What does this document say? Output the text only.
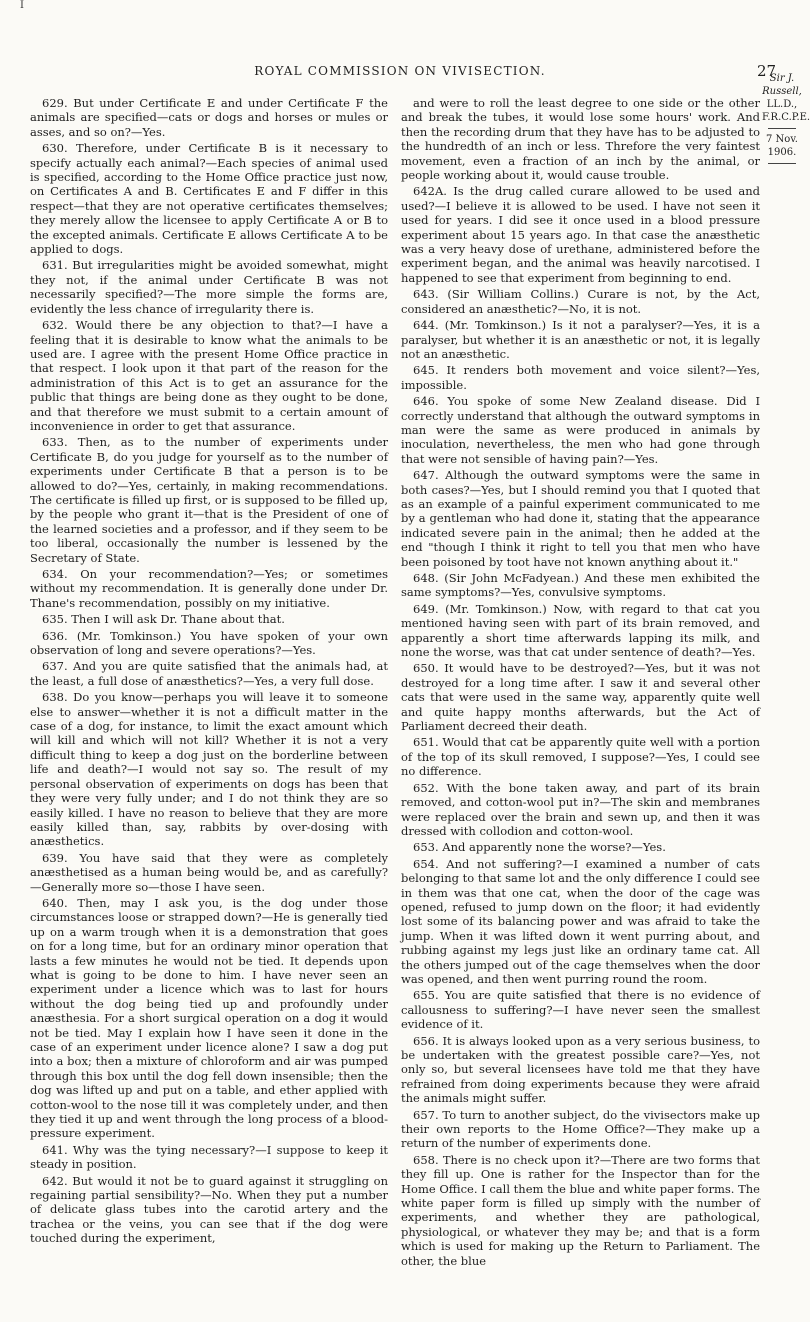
I
ROYAL COMMISSION ON VIVISECTION.	27
Sir J. Russell,
LL.D.,
F.R.C.P.E.
7 Nov. 1906.

629. But under Certificate E and under Certificate F the animals are specified—cats or dogs and horses or mules or asses, and so on?—Yes.

630. Therefore, under Certificate B is it necessary to specify actually each animal?—Each species of animal used is specified, according to the Home Office practice just now, on Certificates A and B. Certificates E and F differ in this respect—that they are not operative certificates themselves; they merely allow the licensee to apply Certificate A or B to the excepted animals. Certificate E allows Certificate A to be applied to dogs.

631. But irregularities might be avoided somewhat, might they not, if the animal under Certificate B was not necessarily specified?—The more simple the forms are, evidently the less chance of irregularity there is.

632. Would there be any objection to that?—I have a feeling that it is desirable to know what the animals to be used are. I agree with the present Home Office practice in that respect. I look upon it that part of the reason for the administration of this Act is to get an assurance for the public that things are being done as they ought to be done, and that therefore we must submit to a certain amount of inconvenience in order to get that assurance.

633. Then, as to the number of experiments under Certificate B, do you judge for yourself as to the number of experiments under Certificate B that a person is to be allowed to do?—Yes, certainly, in making recommendations. The certificate is filled up first, or is supposed to be filled up, by the people who grant it—that is the President of one of the learned societies and a professor, and if they seem to be too liberal, occasionally the number is lessened by the Secretary of State.

634. On your recommendation?—Yes; or sometimes without my recommendation. It is generally done under Dr. Thane's recommendation, possibly on my initiative.

635. Then I will ask Dr. Thane about that.

636. (Mr. Tomkinson.) You have spoken of your own observation of long and severe operations?—Yes.

637. And you are quite satisfied that the animals had, at the least, a full dose of anæsthetics?—Yes, a very full dose.

638. Do you know—perhaps you will leave it to someone else to answer—whether it is not a difficult matter in the case of a dog, for instance, to limit the exact amount which will kill and which will not kill? Whether it is not a very difficult thing to keep a dog just on the borderline between life and death?—I would not say so. The result of my personal observation of experiments on dogs has been that they were very fully under; and I do not think they are so easily killed. I have no reason to believe that they are more easily killed than, say, rabbits by over-dosing with anæsthetics.

639. You have said that they were as completely anæsthetised as a human being would be, and as carefully?—Generally more so—those I have seen.

640. Then, may I ask you, is the dog under those circumstances loose or strapped down?—He is generally tied up on a warm trough when it is a demonstration that goes on for a long time, but for an ordinary minor operation that lasts a few minutes he would not be tied. It depends upon what is going to be done to him. I have never seen an experiment under a licence which was to last for hours without the dog being tied up and profoundly under anæsthesia. For a short surgical operation on a dog it would not be tied. May I explain how I have seen it done in the case of an experiment under licence alone? I saw a dog put into a box; then a mixture of chloroform and air was pumped through this box until the dog fell down insensible; then the dog was lifted up and put on a table, and ether applied with cotton-wool to the nose till it was completely under, and then they tied it up and went through the long process of a blood-pressure experiment.

641. Why was the tying necessary?—I suppose to keep it steady in position.

642. But would it not be to guard against it struggling on regaining partial sensibility?—No. When they put a number of delicate glass tubes into the carotid artery and the trachea or the veins, you can see that if the dog were touched during the experiment,

and were to roll the least degree to one side or the other and break the tubes, it would lose some hours' work. And then the recording drum that they have has to be adjusted to the hundredth of an inch or less. Threfore the very faintest movement, even a fraction of an inch by the animal, or people working about it, would cause trouble.

642A. Is the drug called curare allowed to be used and used?—I believe it is allowed to be used. I have not seen it used for years. I did see it once used in a blood pressure experiment about 15 years ago. In that case the anæsthetic was a very heavy dose of urethane, administered before the experiment began, and the animal was heavily narcotised. I happened to see that experiment from beginning to end.

643. (Sir William Collins.) Curare is not, by the Act, considered an anæsthetic?—No, it is not.

644. (Mr. Tomkinson.) Is it not a paralyser?—Yes, it is a paralyser, but whether it is an anæsthetic or not, it is legally not an anæsthetic.

645. It renders both movement and voice silent?—Yes, impossible.

646. You spoke of some New Zealand disease. Did I correctly understand that although the outward symptoms in man were the same as were produced in animals by inoculation, nevertheless, the men who had gone through that were not sensible of having pain?—Yes.

647. Although the outward symptoms were the same in both cases?—Yes, but I should remind you that I quoted that as an example of a painful experiment communicated to me by a gentleman who had done it, stating that the appearance indicated severe pain in the animal; then he added at the end "though I think it right to tell you that men who have been poisoned by toot have not known anything about it."

648. (Sir John McFadyean.) And these men exhibited the same symptoms?—Yes, convulsive symptoms.

649. (Mr. Tomkinson.) Now, with regard to that cat you mentioned having seen with part of its brain removed, and apparently a short time afterwards lapping its milk, and none the worse, was that cat under sentence of death?—Yes.

650. It would have to be destroyed?—Yes, but it was not destroyed for a long time after. I saw it and several other cats that were used in the same way, apparently quite well and quite happy months afterwards, but the Act of Parliament decreed their death.

651. Would that cat be apparently quite well with a portion of the top of its skull removed, I suppose?—Yes, I could see no difference.

652. With the bone taken away, and part of its brain removed, and cotton-wool put in?—The skin and membranes were replaced over the brain and sewn up, and then it was dressed with collodion and cotton-wool.

653. And apparently none the worse?—Yes.

654. And not suffering?—I examined a number of cats belonging to that same lot and the only difference I could see in them was that one cat, when the door of the cage was opened, refused to jump down on the floor; it had evidently lost some of its balancing power and was afraid to take the jump. When it was lifted down it went purring about, and rubbing against my legs just like an ordinary tame cat. All the others jumped out of the cage themselves when the door was opened, and then went purring round the room.

655. You are quite satisfied that there is no evidence of callousness to suffering?—I have never seen the smallest evidence of it.

656. It is always looked upon as a very serious business, to be undertaken with the greatest possible care?—Yes, not only so, but several licensees have told me that they have refrained from doing experiments because they were afraid the animals might suffer.

657. To turn to another subject, do the vivisectors make up their own reports to the Home Office?—They make up a return of the number of experiments done.

658. There is no check upon it?—There are two forms that they fill up. One is rather for the Inspector than for the Home Office. I call them the blue and white paper forms. The white paper form is filled up simply with the number of experiments, and whether they are pathological, physiological, or whatever they may be; and that is a form which is used for making up the Return to Parliament. The other, the blue
